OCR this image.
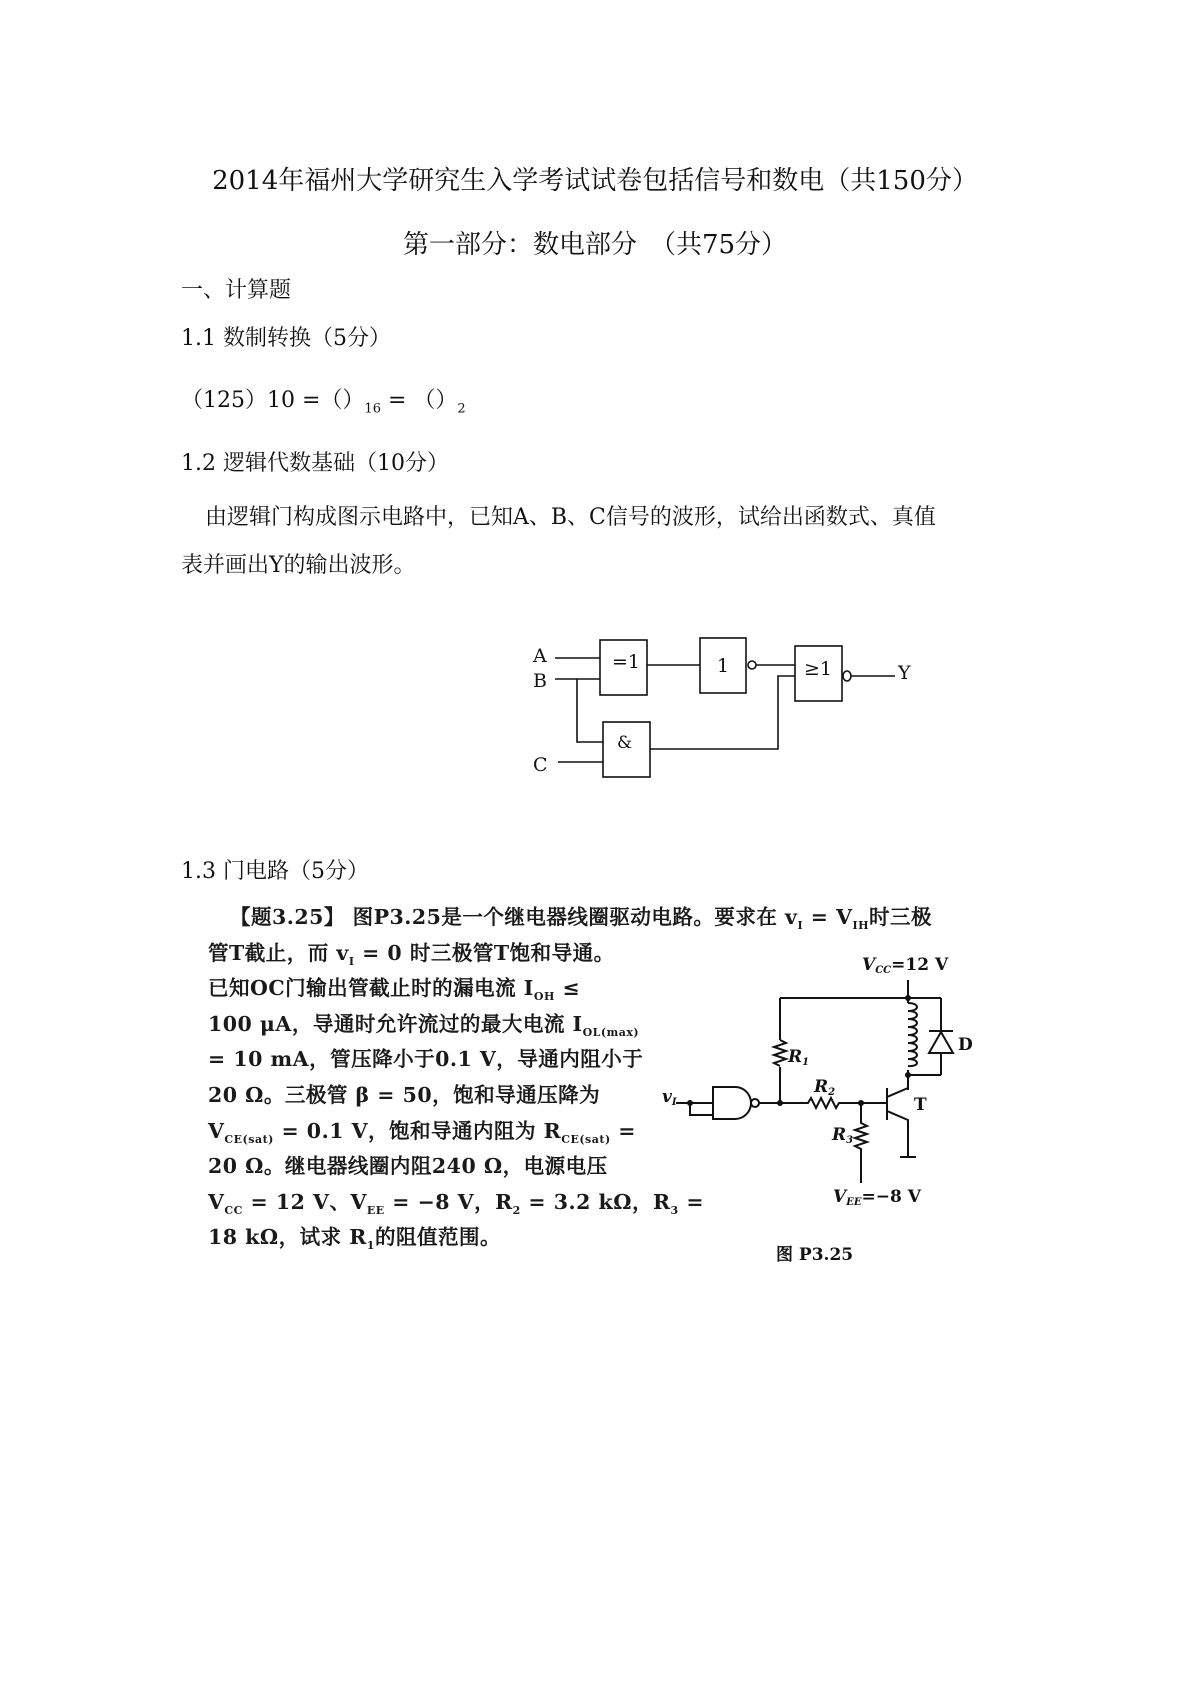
2014年福州大学研究生入学考试试卷包括信号和数电（共150分）
第一部分：数电部分　（共75分）
一、计算题
1.1 数制转换（5分）
$(125)10 =()_{16} = ()_2$
1.2 逻辑代数基础（10分）
由逻辑门构成图示电路中，已知A、B、C信号的波形，试给出函数式、真值
表并画出Y的输出波形。
A
B
C
=1	1
&
≥1	Y
1.3 门电路（5分）
【题3.25】 图P3.25是一个继电器线圈驱动电路。要求在 $v_I = V_{IH}$时三极
管T截止，而 $v_I = 0$ 时三极管T饱和导通。
已知OC门输出管截止时的漏电流 $I_{OH}$ ≤
100 μA，导通时允许流过的最大电流 $I_{OL(max)}$
= 10 mA，管压降小于0.1 V，导通内阻小于
20 Ω。三极管 β = 50，饱和导通压降为
$V_{CE(sat)} = 0.1$ V，饱和导通内阻为 $R_{CE(sat)}$ =
20 Ω。继电器线圈内阻240 Ω，电源电压
$V_{CC} = 12$ V、$V_{EE} = -8$ V，$R_2 = 3.2$ kΩ，$R_3$ =
18 kΩ，试求 $R_1$的阻值范围。
VCC=12 V
R1
R2
R3
D
T
vI
VEE=−8 V
图 P3.25
